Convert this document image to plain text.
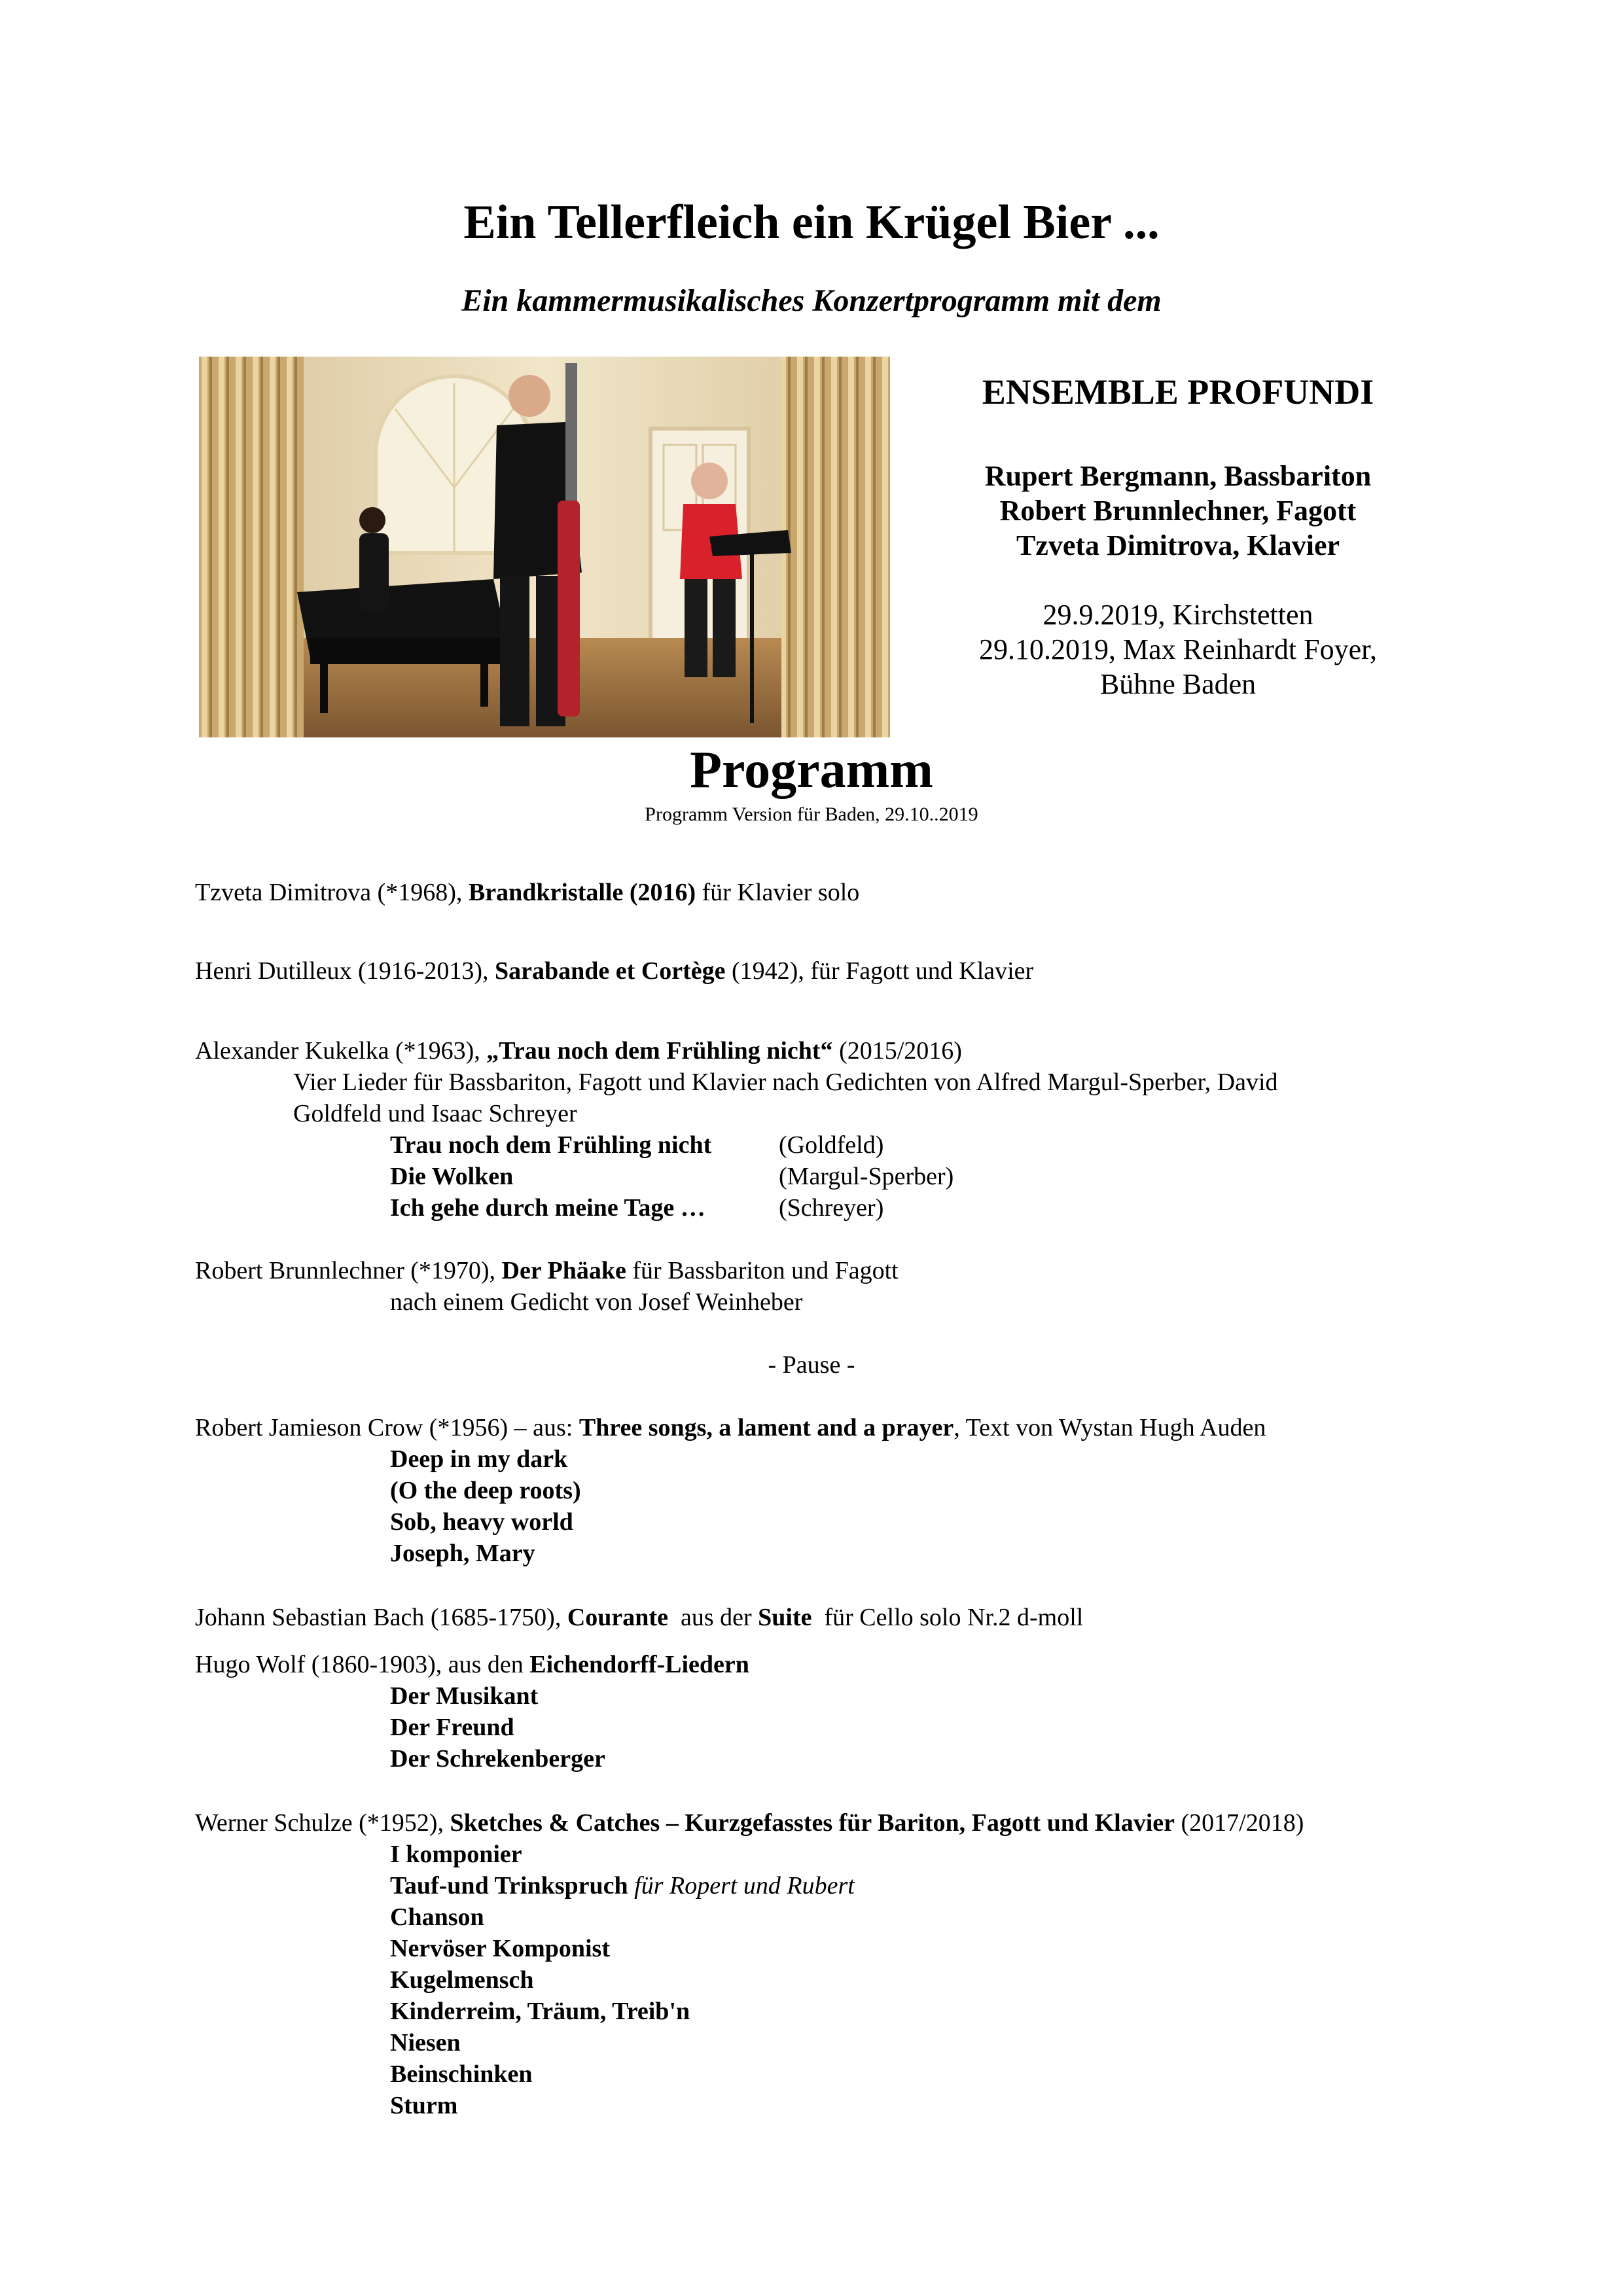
Ein Tellerfleich ein Krügel Bier ...
Ein kammermusikalisches Konzertprogramm mit dem
ENSEMBLE PROFUNDI
Rupert Bergmann, Bassbariton
Robert Brunnlechner, Fagott
Tzveta Dimitrova, Klavier
29.9.2019, Kirchstetten
29.10.2019, Max Reinhardt Foyer,
Bühne Baden
Programm
Programm Version für Baden, 29.10..2019
Tzveta Dimitrova (*1968), Brandkristalle (2016) für Klavier solo
Henri Dutilleux (1916-2013), Sarabande et Cortège (1942), für Fagott und Klavier
Alexander Kukelka (*1963), „Trau noch dem Frühling nicht“ (2015/2016)
Vier Lieder für Bassbariton, Fagott und Klavier nach Gedichten von Alfred Margul-Sperber, David
Goldfeld und Isaac Schreyer
Trau noch dem Frühling nicht	(Goldfeld)
Die Wolken	(Margul-Sperber)
Ich gehe durch meine Tage …	(Schreyer)
Robert Brunnlechner (*1970), Der Phäake für Bassbariton und Fagott
nach einem Gedicht von Josef Weinheber
- Pause -
Robert Jamieson Crow (*1956) – aus: Three songs, a lament and a prayer, Text von Wystan Hugh Auden
Deep in my dark
(O the deep roots)
Sob, heavy world
Joseph, Mary
Johann Sebastian Bach (1685-1750), Courante  aus der Suite  für Cello solo Nr.2 d-moll
Hugo Wolf (1860-1903), aus den Eichendorff-Liedern
Der Musikant
Der Freund
Der Schrekenberger
Werner Schulze (*1952), Sketches & Catches – Kurzgefasstes für Bariton, Fagott und Klavier (2017/2018)
I komponier
Tauf-und Trinkspruch für Ropert und Rubert
Chanson
Nervöser Komponist
Kugelmensch
Kinderreim, Träum, Treib'n
Niesen
Beinschinken
Sturm
